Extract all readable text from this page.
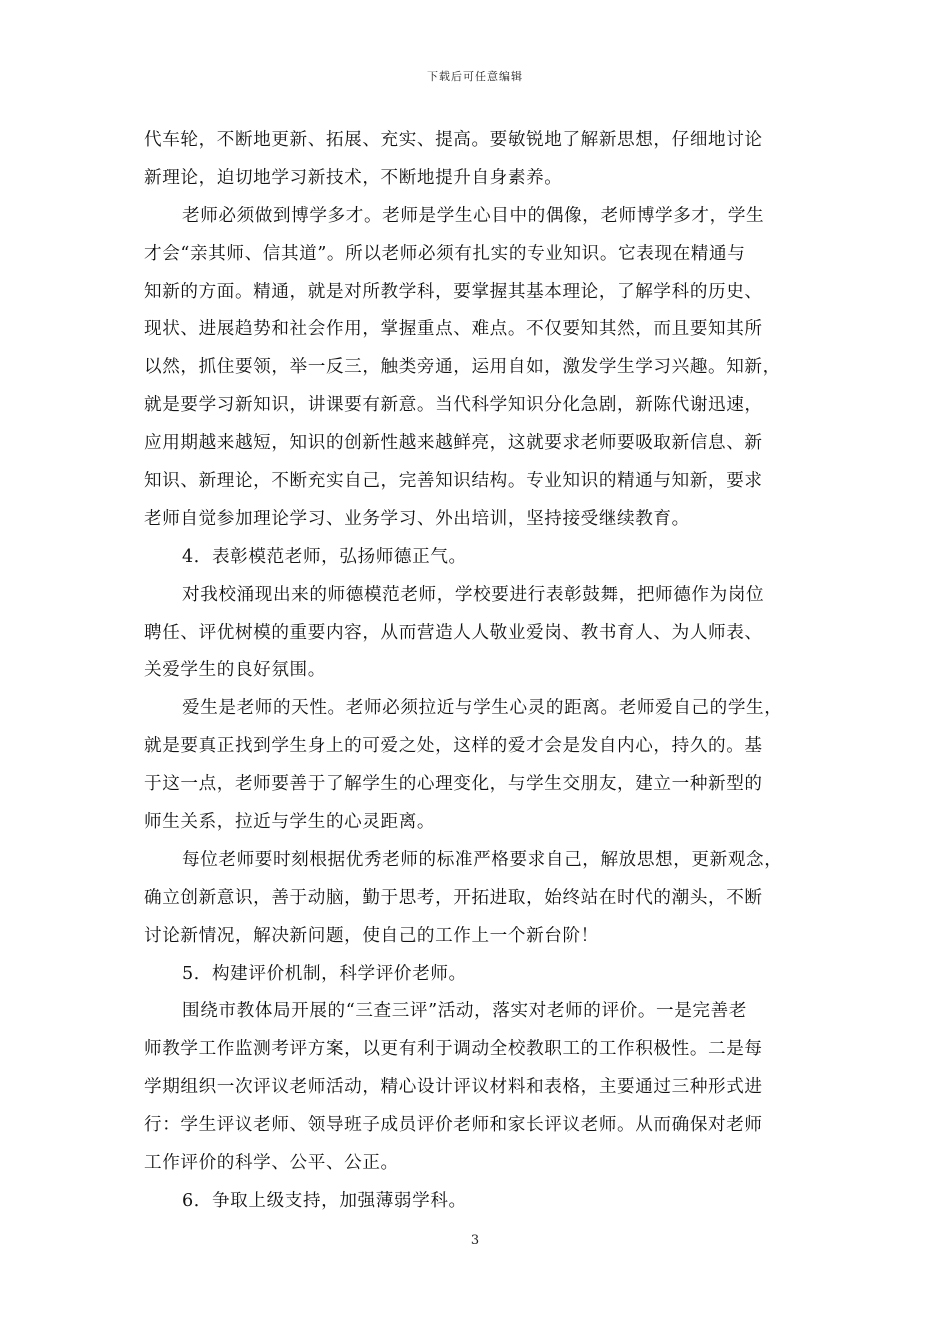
下载后可任意编辑
代车轮，不断地更新、拓展、充实、提高。要敏锐地了解新思想，仔细地讨论
新理论，迫切地学习新技术，不断地提升自身素养。
老师必须做到博学多才。老师是学生心目中的偶像，老师博学多才，学生
才会“亲其师、信其道”。所以老师必须有扎实的专业知识。它表现在精通与
知新的方面。精通，就是对所教学科，要掌握其基本理论，了解学科的历史、
现状、进展趋势和社会作用，掌握重点、难点。不仅要知其然，而且要知其所
以然，抓住要领，举一反三，触类旁通，运用自如，激发学生学习兴趣。知新，
就是要学习新知识，讲课要有新意。当代科学知识分化急剧，新陈代谢迅速，
应用期越来越短，知识的创新性越来越鲜亮，这就要求老师要吸取新信息、新
知识、新理论，不断充实自己，完善知识结构。专业知识的精通与知新，要求
老师自觉参加理论学习、业务学习、外出培训，坚持接受继续教育。
4．表彰模范老师，弘扬师德正气。
对我校涌现出来的师德模范老师，学校要进行表彰鼓舞，把师德作为岗位
聘任、评优树模的重要内容，从而营造人人敬业爱岗、教书育人、为人师表、
关爱学生的良好氛围。
爱生是老师的天性。老师必须拉近与学生心灵的距离。老师爱自己的学生，
就是要真正找到学生身上的可爱之处，这样的爱才会是发自内心，持久的。基
于这一点，老师要善于了解学生的心理变化，与学生交朋友，建立一种新型的
师生关系，拉近与学生的心灵距离。
每位老师要时刻根据优秀老师的标准严格要求自己，解放思想，更新观念，
确立创新意识，善于动脑，勤于思考，开拓进取，始终站在时代的潮头，不断
讨论新情况，解决新问题，使自己的工作上一个新台阶！
5．构建评价机制，科学评价老师。
围绕市教体局开展的“三查三评”活动，落实对老师的评价。一是完善老
师教学工作监测考评方案，以更有利于调动全校教职工的工作积极性。二是每
学期组织一次评议老师活动，精心设计评议材料和表格，主要通过三种形式进
行：学生评议老师、领导班子成员评价老师和家长评议老师。从而确保对老师
工作评价的科学、公平、公正。
6．争取上级支持，加强薄弱学科。
3
